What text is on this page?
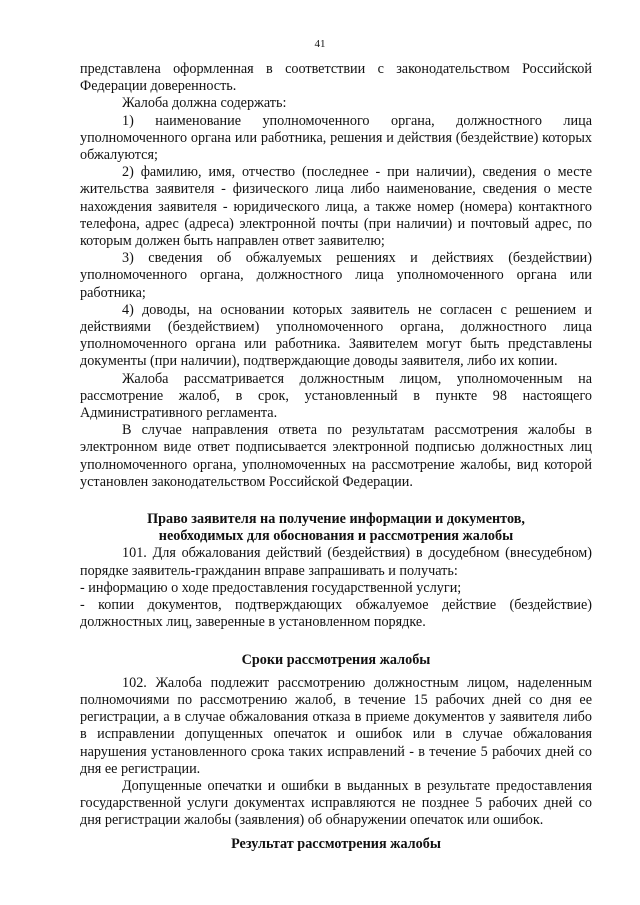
41

представлена оформленная в соответствии с законодательством Российской Федерации доверенность.

Жалоба должна содержать:

1) наименование уполномоченного органа, должностного лица уполномоченного органа или работника, решения и действия (бездействие) которых обжалуются;

2) фамилию, имя, отчество (последнее - при наличии), сведения о месте жительства заявителя - физического лица либо наименование, сведения о месте нахождения заявителя - юридического лица, а также номер (номера) контактного телефона, адрес (адреса) электронной почты (при наличии) и почтовый адрес, по которым должен быть направлен ответ заявителю;

3) сведения об обжалуемых решениях и действиях (бездействии) уполномоченного органа, должностного лица уполномоченного органа или работника;

4) доводы, на основании которых заявитель не согласен с решением и действиями (бездействием) уполномоченного органа, должностного лица уполномоченного органа или работника. Заявителем могут быть представлены документы (при наличии), подтверждающие доводы заявителя, либо их копии.

Жалоба рассматривается должностным лицом, уполномоченным на рассмотрение жалоб, в срок, установленный в пункте 98 настоящего Административного регламента.

В случае направления ответа по результатам рассмотрения жалобы в электронном виде ответ подписывается электронной подписью должностных лиц уполномоченного органа, уполномоченных на рассмотрение жалобы, вид которой установлен законодательством Российской Федерации.

Право заявителя на получение информации и документов,

необходимых для обоснования и рассмотрения жалобы

101. Для обжалования действий (бездействия) в досудебном (внесудебном) порядке заявитель-гражданин вправе запрашивать и получать:

- информацию о ходе предоставления государственной услуги;

- копии документов, подтверждающих обжалуемое действие (бездействие) должностных лиц, заверенные в установленном порядке.

Сроки рассмотрения жалобы

102. Жалоба подлежит рассмотрению должностным лицом, наделенным полномочиями по рассмотрению жалоб, в течение 15 рабочих дней со дня ее регистрации, а в случае обжалования отказа в приеме документов у заявителя либо в исправлении допущенных опечаток и ошибок или в случае обжалования нарушения установленного срока таких исправлений - в течение 5 рабочих дней со дня ее регистрации.

Допущенные опечатки и ошибки в выданных в результате предоставления государственной услуги документах исправляются не позднее 5 рабочих дней со дня регистрации жалобы (заявления) об обнаружении опечаток или ошибок.

Результат рассмотрения жалобы
